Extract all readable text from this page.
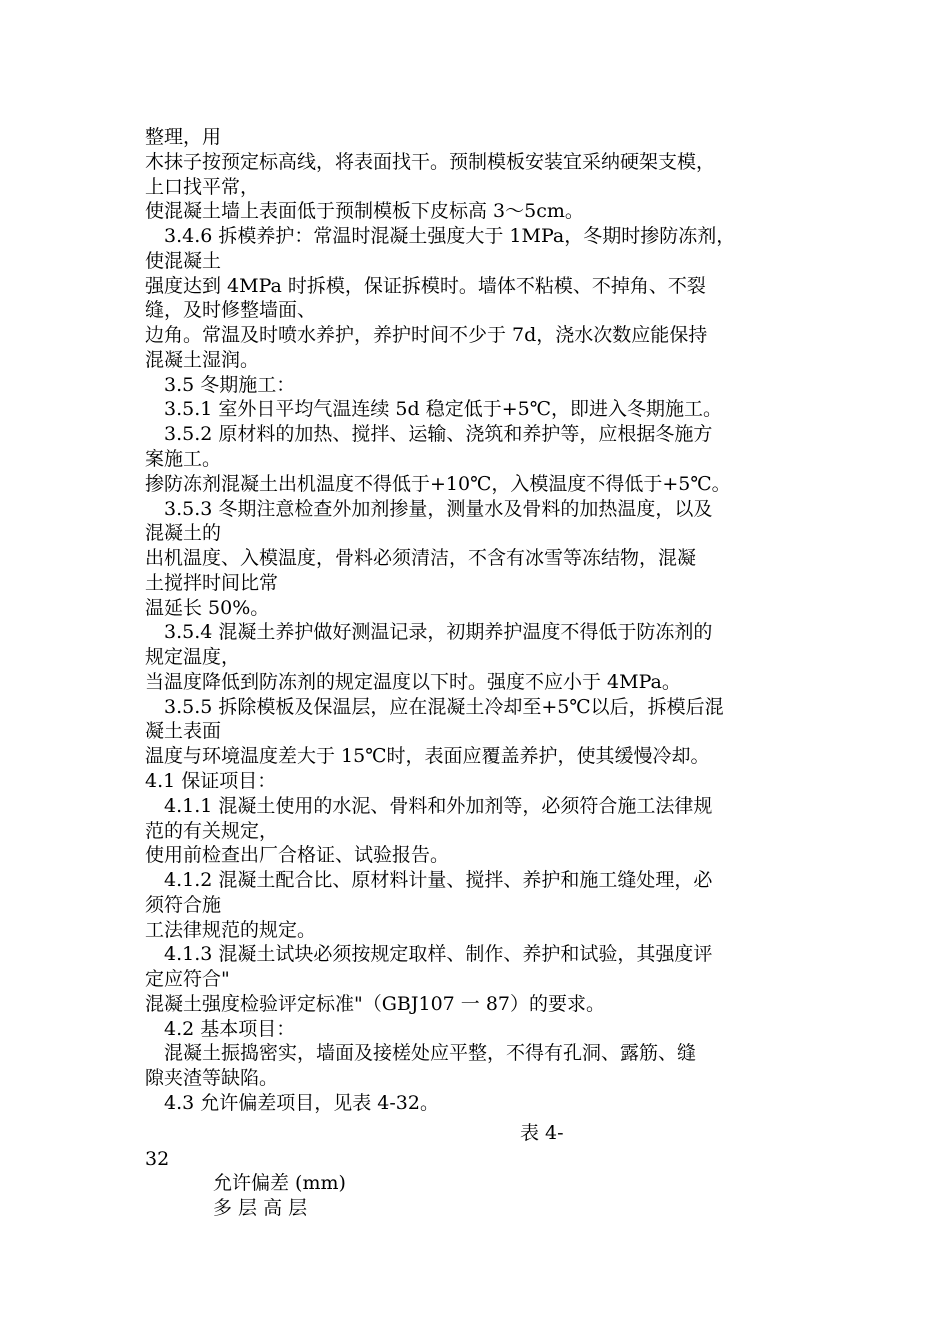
整理，用
木抹子按预定标高线，将表面找干。预制模板安装宜采纳硬架支模，
上口找平常，
使混凝土墙上表面低于预制模板下皮标高 3～5cm。
　3.4.6 拆模养护：常温时混凝土强度大于 1MPa，冬期时掺防冻剂，
使混凝土
强度达到 4MPa 时拆模，保证拆模时。墙体不粘模、不掉角、不裂
缝，及时修整墙面、
边角。常温及时喷水养护，养护时间不少于 7d，浇水次数应能保持
混凝土湿润。
　3.5 冬期施工：
　3.5.1 室外日平均气温连续 5d 稳定低于+5℃，即进入冬期施工。
　3.5.2 原材料的加热、搅拌、运输、浇筑和养护等，应根据冬施方
案施工。
掺防冻剂混凝土出机温度不得低于+10℃，入模温度不得低于+5℃。
　3.5.3 冬期注意检查外加剂掺量，测量水及骨料的加热温度，以及
混凝土的
出机温度、入模温度，骨料必须清洁，不含有冰雪等冻结物，混凝
土搅拌时间比常
温延长 50%。
　3.5.4 混凝土养护做好测温记录，初期养护温度不得低于防冻剂的
规定温度，
当温度降低到防冻剂的规定温度以下时。强度不应小于 4MPa。
　3.5.5 拆除模板及保温层，应在混凝土冷却至+5℃以后，拆模后混
凝土表面
温度与环境温度差大于 15℃时，表面应覆盖养护，使其缓慢冷却。
4.1 保证项目：
　4.1.1 混凝土使用的水泥、骨料和外加剂等，必须符合施工法律规
范的有关规定，
使用前检查出厂合格证、试验报告。
　4.1.2 混凝土配合比、原材料计量、搅拌、养护和施工缝处理，必
须符合施
工法律规范的规定。
　4.1.3 混凝土试块必须按规定取样、制作、养护和试验，其强度评
定应符合"
混凝土强度检验评定标准"（GBJ107 一 87）的要求。
　4.2 基本项目：
　混凝土振捣密实，墙面及接槎处应平整，不得有孔洞、露筋、缝
隙夹渣等缺陷。
　4.3 允许偏差项目，见表 4-32。
表 4-
32
允许偏差 (mm)
多 层 高 层
